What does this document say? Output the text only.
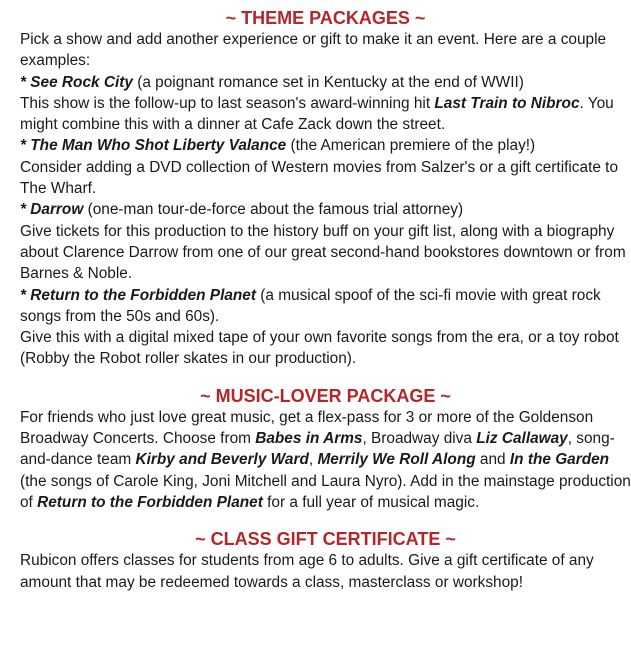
~ THEME PACKAGES ~

Pick a show and add another experience or gift to make it an event. Here are a couple examples:

* See Rock City (a poignant romance set in Kentucky at the end of WWII)

This show is the follow-up to last season's award-winning hit Last Train to Nibroc. You might combine this with a dinner at Cafe Zack down the street.

* The Man Who Shot Liberty Valance (the American premiere of the play!)

Consider adding a DVD collection of Western movies from Salzer's or a gift certificate to The Wharf.

* Darrow (one-man tour-de-force about the famous trial attorney)

Give tickets for this production to the history buff on your gift list, along with a biography about Clarence Darrow from one of our great second-hand bookstores downtown or from Barnes & Noble.

* Return to the Forbidden Planet (a musical spoof of the sci-fi movie with great rock songs from the 50s and 60s).

Give this with a digital mixed tape of your own favorite songs from the era, or a toy robot (Robby the Robot roller skates in our production).

~ MUSIC-LOVER PACKAGE ~

For friends who just love great music, get a flex-pass for 3 or more of the Goldenson Broadway Concerts. Choose from Babes in Arms, Broadway diva Liz Callaway, song-and-dance team Kirby and Beverly Ward, Merrily We Roll Along and In the Garden (the songs of Carole King, Joni Mitchell and Laura Nyro). Add in the mainstage production of Return to the Forbidden Planet for a full year of musical magic.

~ CLASS GIFT CERTIFICATE ~

Rubicon offers classes for students from age 6 to adults. Give a gift certificate of any amount that may be redeemed towards a class, masterclass or workshop!
